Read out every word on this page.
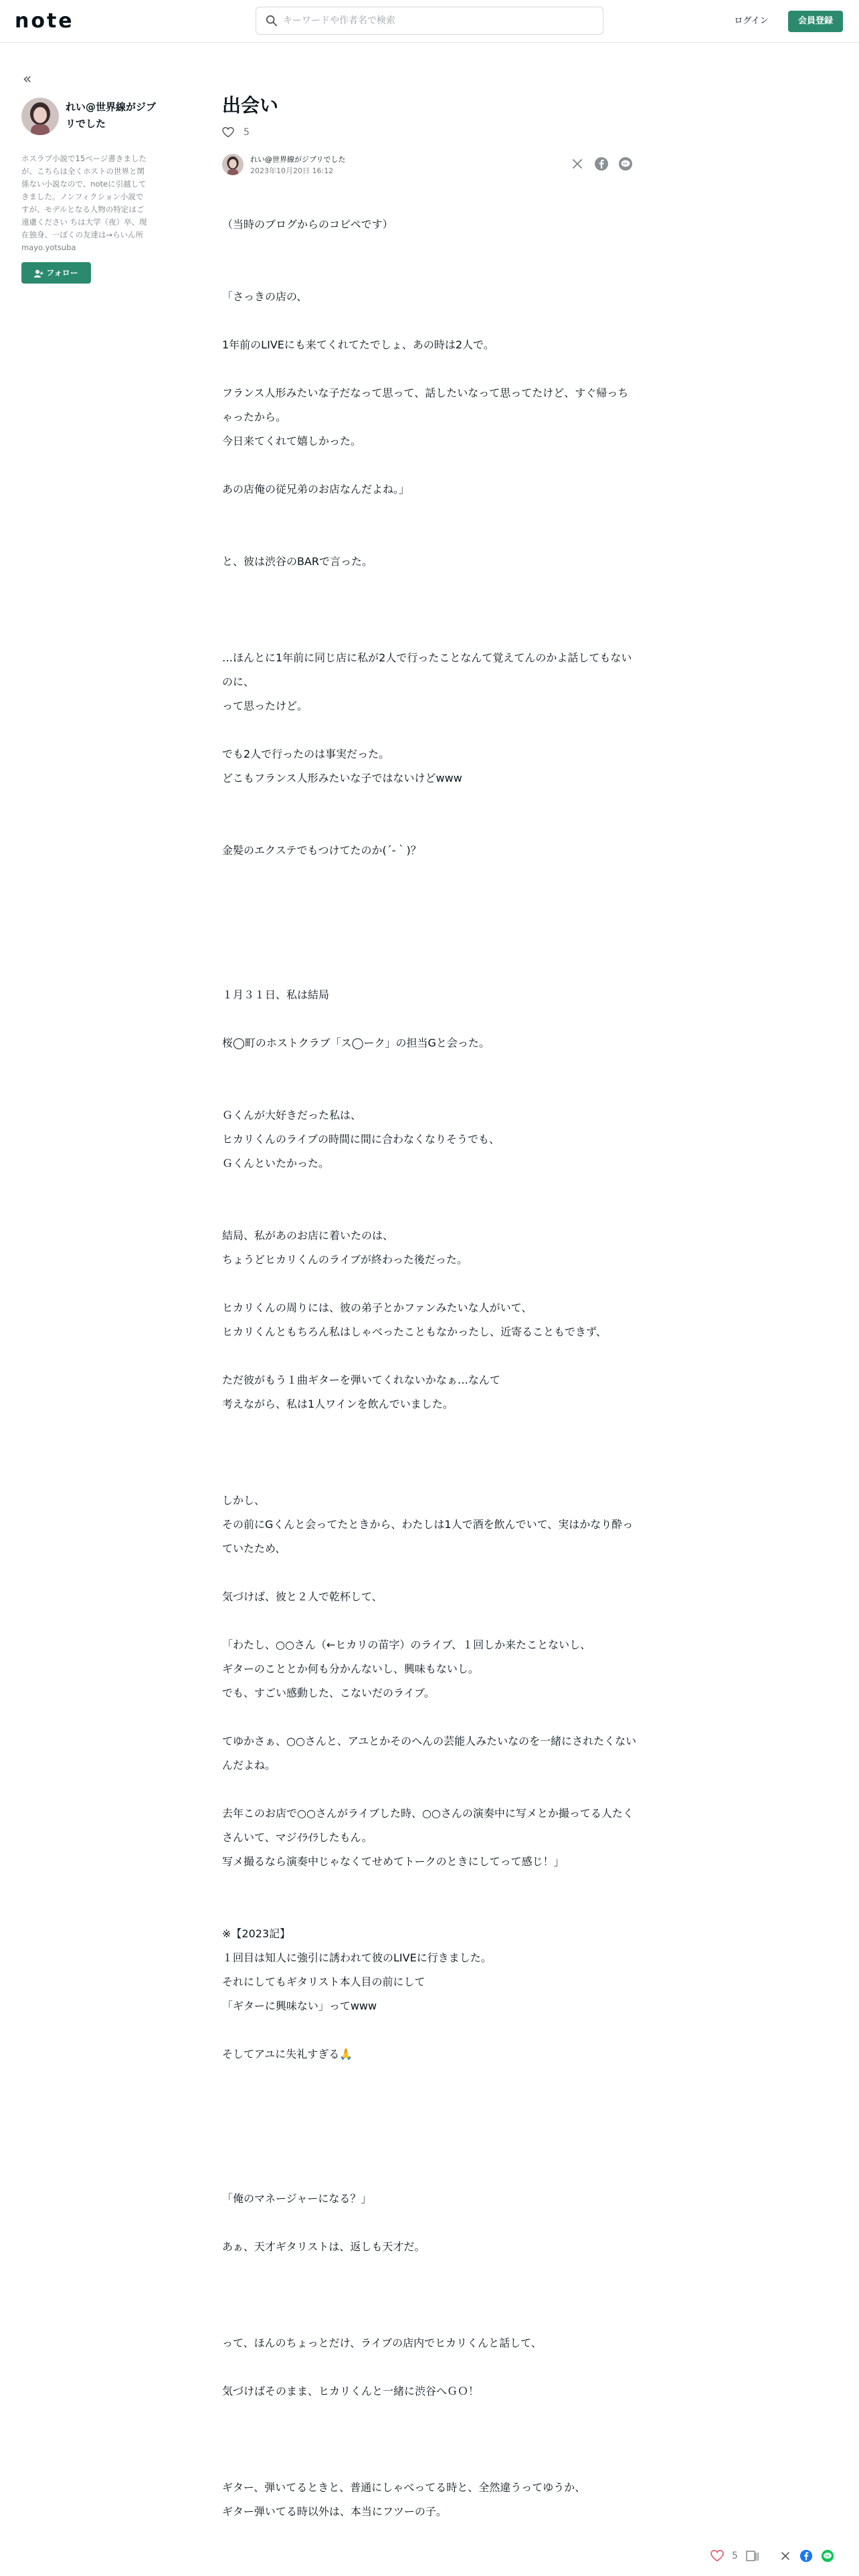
note
キーワードや作者名で検索	ログイン	会員登録
«
れい@世界線がジブリでした
ホスラブ小説で15ページ書きましたが、こちらは全くホストの世界と関係ない小説なので、noteに引越してきました。ノンフィクション小説ですが、モデルとなる人物の特定はご遠慮ください ちは大学（夜）卒、現在独身、一ぼくの友達は→らいん所 mayo.yotsuba
フォロー
出会い
5
れい@世界線がジブリでした
2023年10月20日 16:12

（当時のブログからのコピペです）

「さっきの店の、

1年前のLIVEにも来てくれてたでしょ、あの時は2人で。

フランス人形みたいな子だなって思って、話したいなって思ってたけど、すぐ帰っちゃったから。

今日来てくれて嬉しかった。

あの店俺の従兄弟のお店なんだよね。」

と、彼は渋谷のBARで言った。

…ほんとに1年前に同じ店に私が2人で行ったことなんて覚えてんのかよ話してもないのに、

って思ったけど。

でも2人で行ったのは事実だった。

どこもフランス人形みたいな子ではないけどwww

金髪のエクステでもつけてたのか(´-｀)？

１月３１日、私は結局

桜◯町のホストクラブ「ス◯ーク」の担当Gと会った。

Ｇくんが大好きだった私は、

ヒカリくんのライブの時間に間に合わなくなりそうでも、

Ｇくんといたかった。

結局、私があのお店に着いたのは、

ちょうどヒカリくんのライブが終わった後だった。

ヒカリくんの周りには、彼の弟子とかファンみたいな人がいて、

ヒカリくんともちろん私はしゃべったこともなかったし、近寄ることもできず、

ただ彼がもう１曲ギターを弾いてくれないかなぁ…なんて

考えながら、私は1人ワインを飲んでいました。

しかし、

その前にGくんと会ってたときから、わたしは1人で酒を飲んでいて、実はかなり酔っていたため、

気づけば、彼と２人で乾杯して、

「わたし、○○さん（←ヒカリの苗字）のライブ、１回しか来たことないし、

ギターのこととか何も分かんないし、興味もないし。

でも、すごい感動した、こないだのライブ。

てゆかさぁ、○○さんと、アユとかそのへんの芸能人みたいなのを一緒にされたくないんだよね。

去年このお店で○○さんがライブした時、○○さんの演奏中に写メとか撮ってる人たくさんいて、マジｲﾗｲﾗしたもん。

写メ撮るなら演奏中じゃなくてせめてトークのときにしてって感じ！」

※【2023記】

１回目は知人に強引に誘われて彼のLIVEに行きました。

それにしてもギタリスト本人目の前にして

「ギターに興味ない」ってwww

そしてアユに失礼すぎる🙏

「俺のマネージャーになる？」

あぁ、天才ギタリストは、返しも天才だ。

って、ほんのちょっとだけ、ライブの店内でヒカリくんと話して、

気づけばそのまま、ヒカリくんと一緒に渋谷へＧＯ！

ギター、弾いてるときと、普通にしゃべってる時と、全然違うってゆうか、

ギター弾いてる時以外は、本当にフツーの子。

5
